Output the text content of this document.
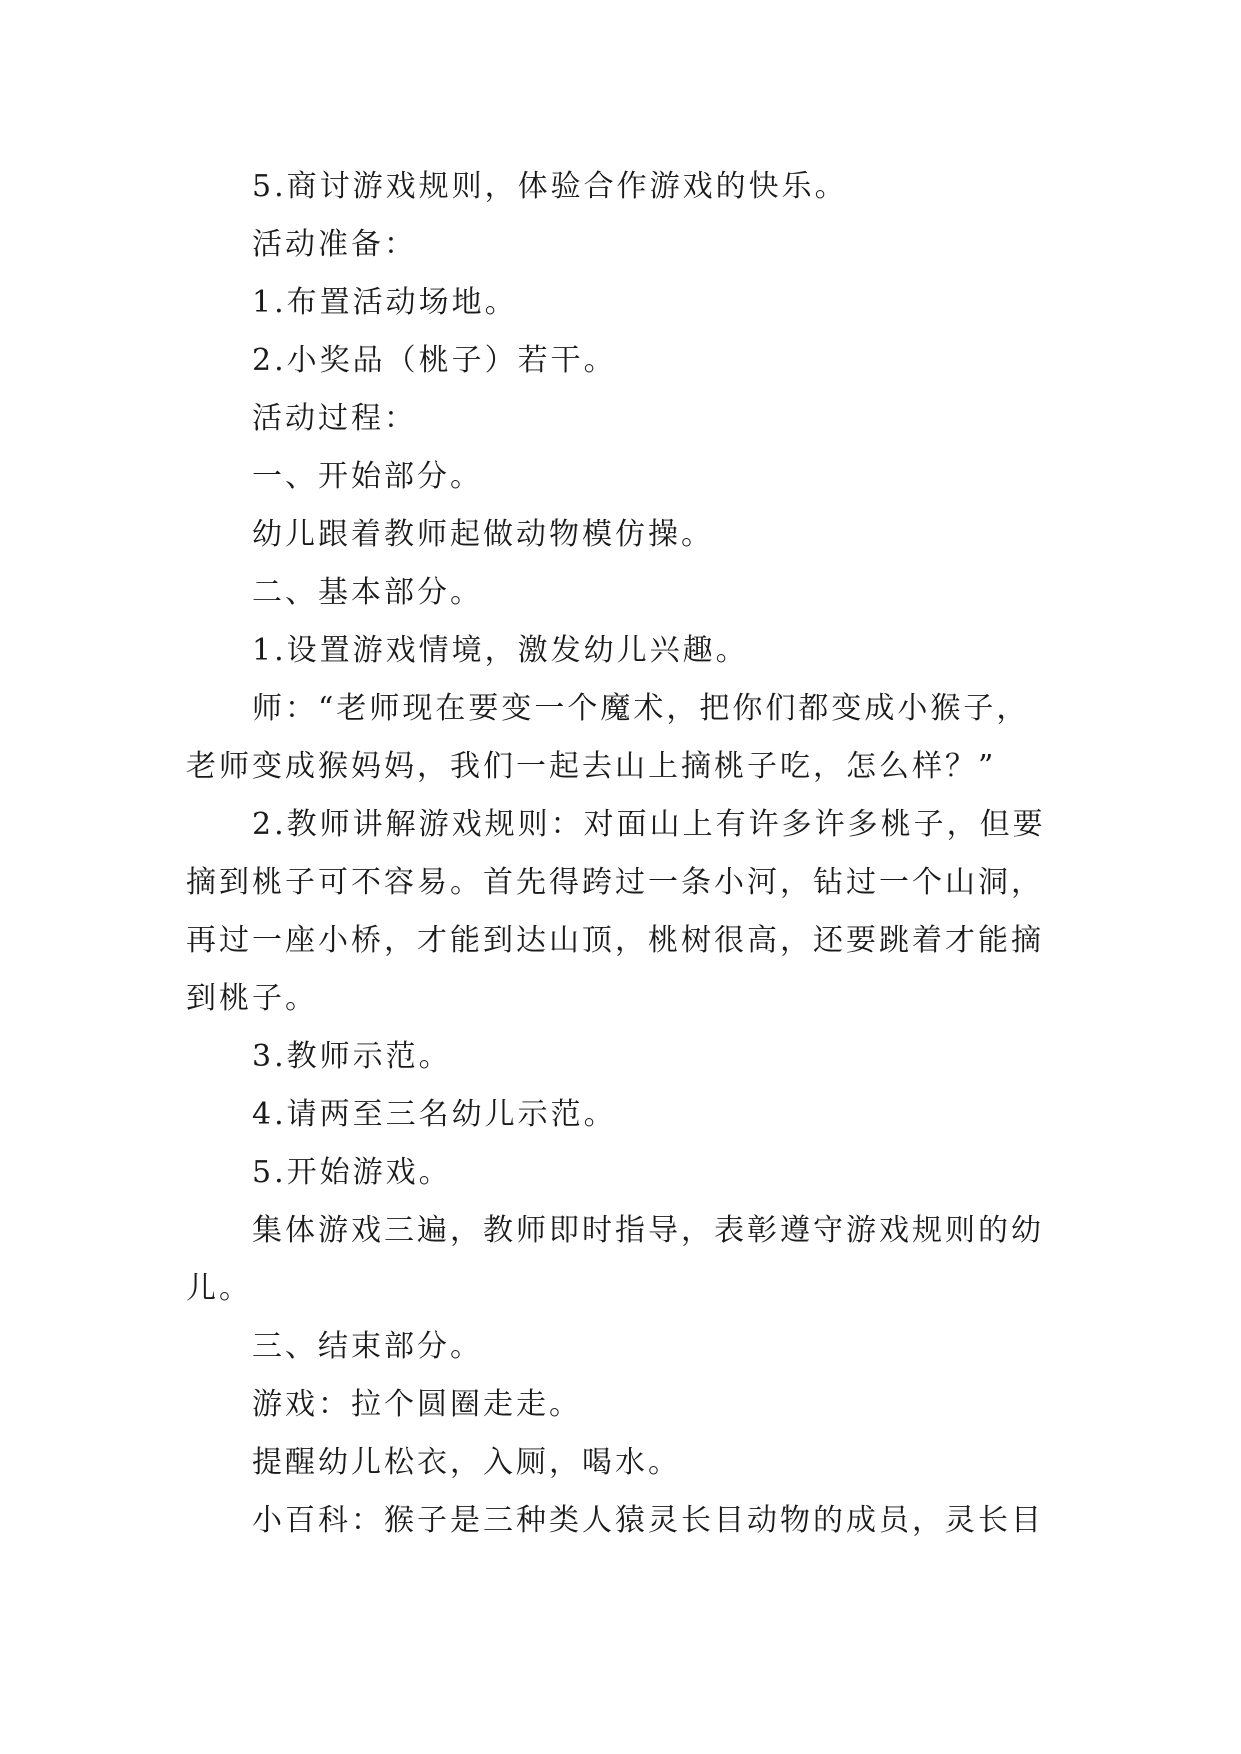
5.商讨游戏规则，体验合作游戏的快乐。
活动准备：
1.布置活动场地。
2.小奖品（桃子）若干。
活动过程：
一、开始部分。
幼儿跟着教师起做动物模仿操。
二、基本部分。
1.设置游戏情境，激发幼儿兴趣。
师：“老师现在要变一个魔术，把你们都变成小猴子，
老师变成猴妈妈，我们一起去山上摘桃子吃，怎么样？”
2.教师讲解游戏规则：对面山上有许多许多桃子，但要
摘到桃子可不容易。首先得跨过一条小河，钻过一个山洞，
再过一座小桥，才能到达山顶，桃树很高，还要跳着才能摘
到桃子。
3.教师示范。
4.请两至三名幼儿示范。
5.开始游戏。
集体游戏三遍，教师即时指导，表彰遵守游戏规则的幼
儿。
三、结束部分。
游戏：拉个圆圈走走。
提醒幼儿松衣，入厕，喝水。
小百科：猴子是三种类人猿灵长目动物的成员，灵长目
